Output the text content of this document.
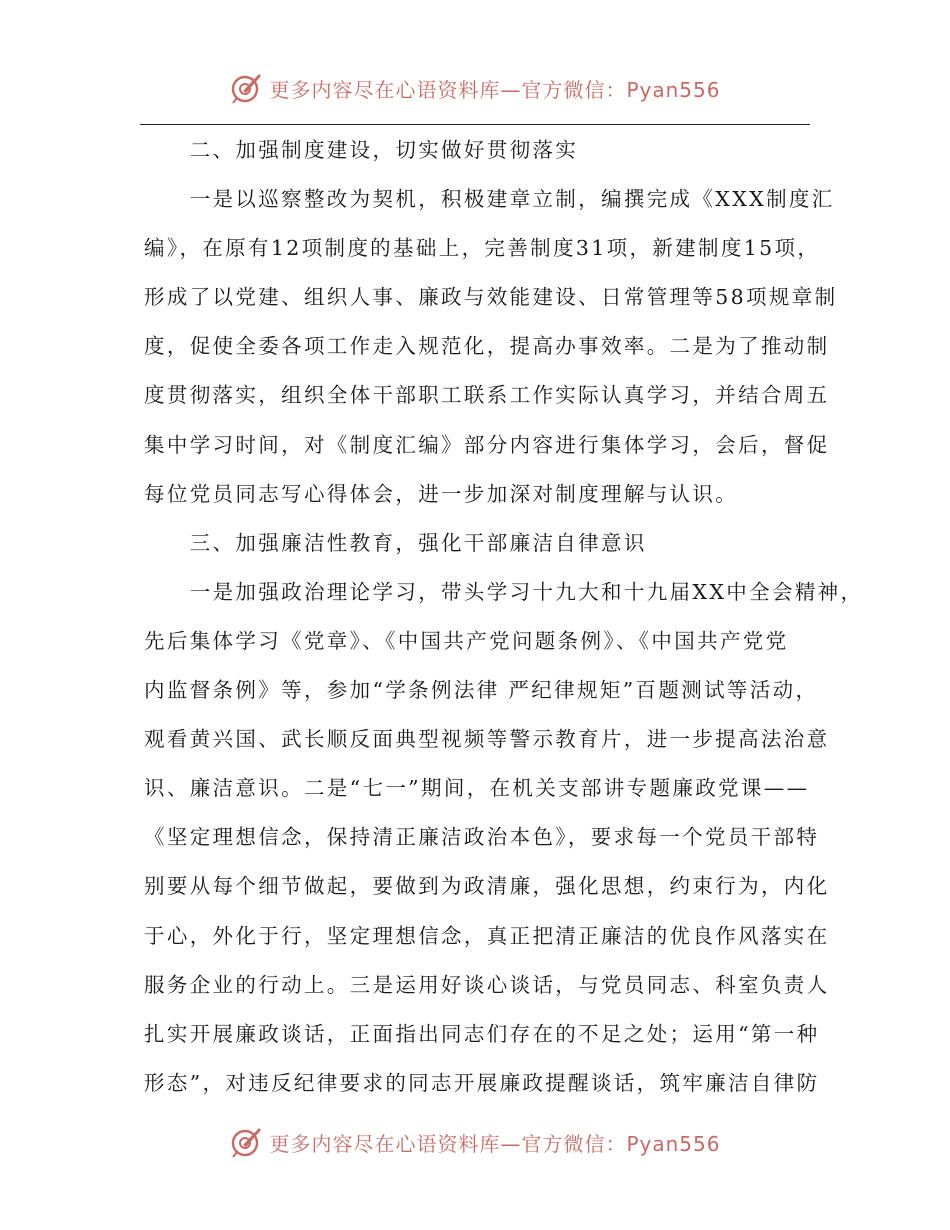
更多内容尽在心语资料库—官方微信：Pyan556
　　二、加强制度建设，切实做好贯彻落实
　　一是以巡察整改为契机，积极建章立制，编撰完成《XXX制度汇
编》，在原有12项制度的基础上，完善制度31项，新建制度15项，
形成了以党建、组织人事、廉政与效能建设、日常管理等58项规章制
度，促使全委各项工作走入规范化，提高办事效率。二是为了推动制
度贯彻落实，组织全体干部职工联系工作实际认真学习，并结合周五
集中学习时间，对《制度汇编》部分内容进行集体学习，会后，督促
每位党员同志写心得体会，进一步加深对制度理解与认识。
　　三、加强廉洁性教育，强化干部廉洁自律意识
　　一是加强政治理论学习，带头学习十九大和十九届XX中全会精神，
先后集体学习《党章》、《中国共产党问题条例》、《中国共产党党
内监督条例》等，参加“学条例法律 严纪律规矩”百题测试等活动，
观看黄兴国、武长顺反面典型视频等警示教育片，进一步提高法治意
识、廉洁意识。二是“七一”期间，在机关支部讲专题廉政党课——
《坚定理想信念，保持清正廉洁政治本色》，要求每一个党员干部特
别要从每个细节做起，要做到为政清廉，强化思想，约束行为，内化
于心，外化于行，坚定理想信念，真正把清正廉洁的优良作风落实在
服务企业的行动上。三是运用好谈心谈话，与党员同志、科室负责人
扎实开展廉政谈话，正面指出同志们存在的不足之处；运用“第一种
形态”，对违反纪律要求的同志开展廉政提醒谈话，筑牢廉洁自律防
更多内容尽在心语资料库—官方微信：Pyan556
